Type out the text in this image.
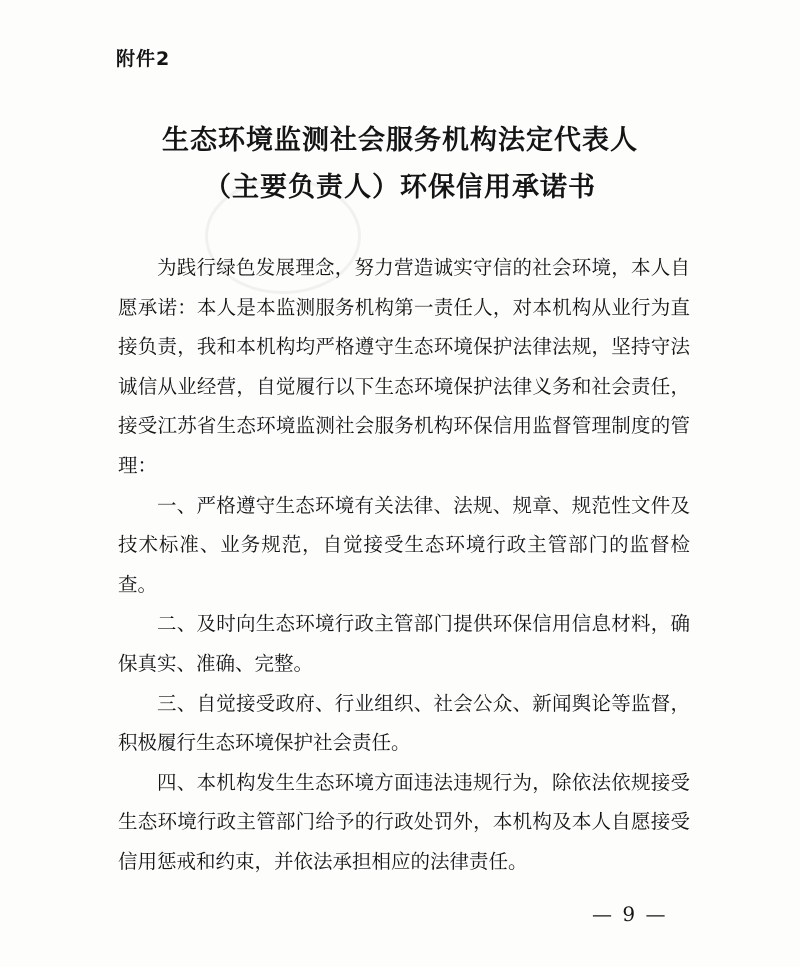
附件2
生态环境监测社会服务机构法定代表人
（主要负责人）环保信用承诺书

为践行绿色发展理念，努力营造诚实守信的社会环境，本人自愿承诺：本人是本监测服务机构第一责任人，对本机构从业行为直接负责，我和本机构均严格遵守生态环境保护法律法规，坚持守法诚信从业经营，自觉履行以下生态环境保护法律义务和社会责任，接受江苏省生态环境监测社会服务机构环保信用监督管理制度的管理：

一、严格遵守生态环境有关法律、法规、规章、规范性文件及技术标准、业务规范，自觉接受生态环境行政主管部门的监督检查。

二、及时向生态环境行政主管部门提供环保信用信息材料，确保真实、准确、完整。

三、自觉接受政府、行业组织、社会公众、新闻舆论等监督，积极履行生态环境保护社会责任。

四、本机构发生生态环境方面违法违规行为，除依法依规接受生态环境行政主管部门给予的行政处罚外，本机构及本人自愿接受信用惩戒和约束，并依法承担相应的法律责任。

— 9 —
